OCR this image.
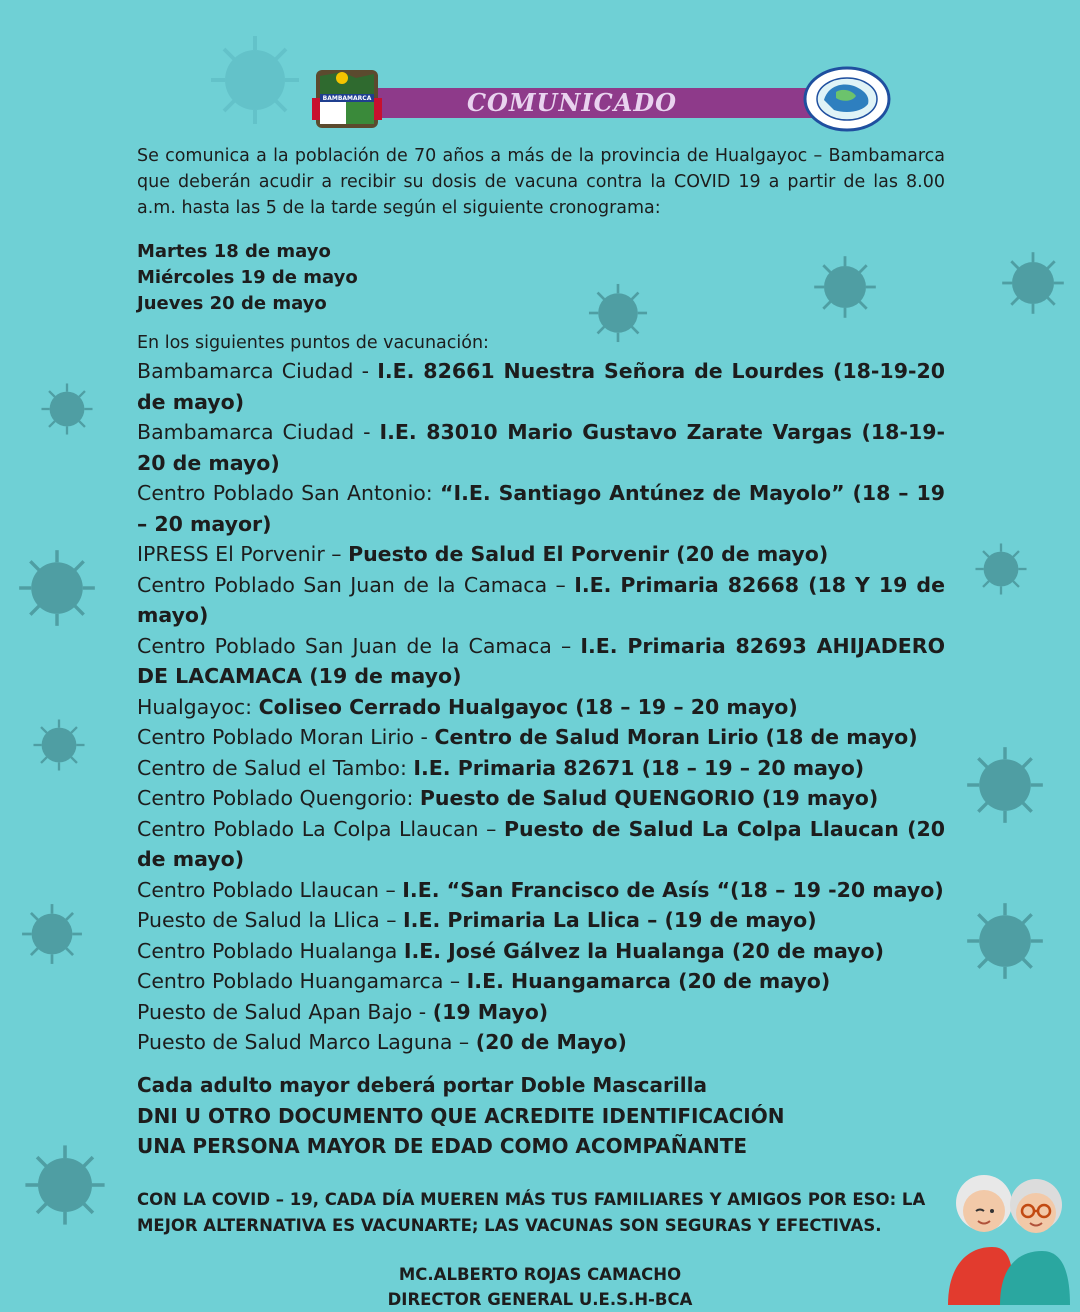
COMUNICADO
BAMBAMARCA
Se comunica a la población de 70 años a más de la provincia de Hualgayoc – Bambamarca que deberán acudir a recibir su dosis de vacuna contra la COVID 19 a partir de las 8.00 a.m. hasta las 5 de la tarde según el siguiente cronograma:
Martes 18 de mayo
Miércoles 19 de mayo
Jueves 20 de mayo
En los siguientes puntos de vacunación:
Bambamarca Ciudad - I.E. 82661 Nuestra Señora de Lourdes (18-19-20 de mayo)
Bambamarca Ciudad - I.E. 83010 Mario Gustavo Zarate Vargas (18-19-20 de mayo)
Centro Poblado San Antonio: “I.E. Santiago Antúnez de Mayolo” (18 – 19 – 20 mayor)
IPRESS El Porvenir – Puesto de Salud El Porvenir (20 de mayo)
Centro Poblado San Juan de la Camaca – I.E. Primaria 82668 (18 Y 19 de mayo)
Centro Poblado San Juan de la Camaca – I.E. Primaria 82693 AHIJADERO DE LACAMACA (19 de mayo)
Hualgayoc: Coliseo Cerrado Hualgayoc (18 – 19 – 20 mayo)
Centro Poblado Moran Lirio - Centro de Salud Moran Lirio (18 de mayo)
Centro de Salud el Tambo: I.E. Primaria 82671 (18 – 19 – 20 mayo)
Centro Poblado Quengorio: Puesto de Salud QUENGORIO (19 mayo)
Centro Poblado La Colpa Llaucan – Puesto de Salud La Colpa Llaucan (20 de mayo)
Centro Poblado Llaucan – I.E. “San Francisco de Asís “(18 – 19 -20 mayo)
Puesto de Salud la Llica – I.E. Primaria La Llica – (19 de mayo)
Centro Poblado Hualanga I.E. José Gálvez la Hualanga (20 de mayo)
Centro Poblado Huangamarca – I.E. Huangamarca (20 de mayo)
Puesto de Salud Apan Bajo - (19 Mayo)
Puesto de Salud Marco Laguna – (20 de Mayo)
Cada adulto mayor deberá portar Doble Mascarilla
DNI U OTRO DOCUMENTO QUE ACREDITE IDENTIFICACIÓN
UNA PERSONA MAYOR DE EDAD COMO ACOMPAÑANTE
CON LA COVID – 19, CADA DÍA MUEREN MÁS TUS FAMILIARES Y AMIGOS POR ESO: LA MEJOR ALTERNATIVA ES VACUNARTE; LAS VACUNAS SON SEGURAS Y EFECTIVAS.
MC.ALBERTO ROJAS CAMACHO
DIRECTOR GENERAL U.E.S.H-BCA
